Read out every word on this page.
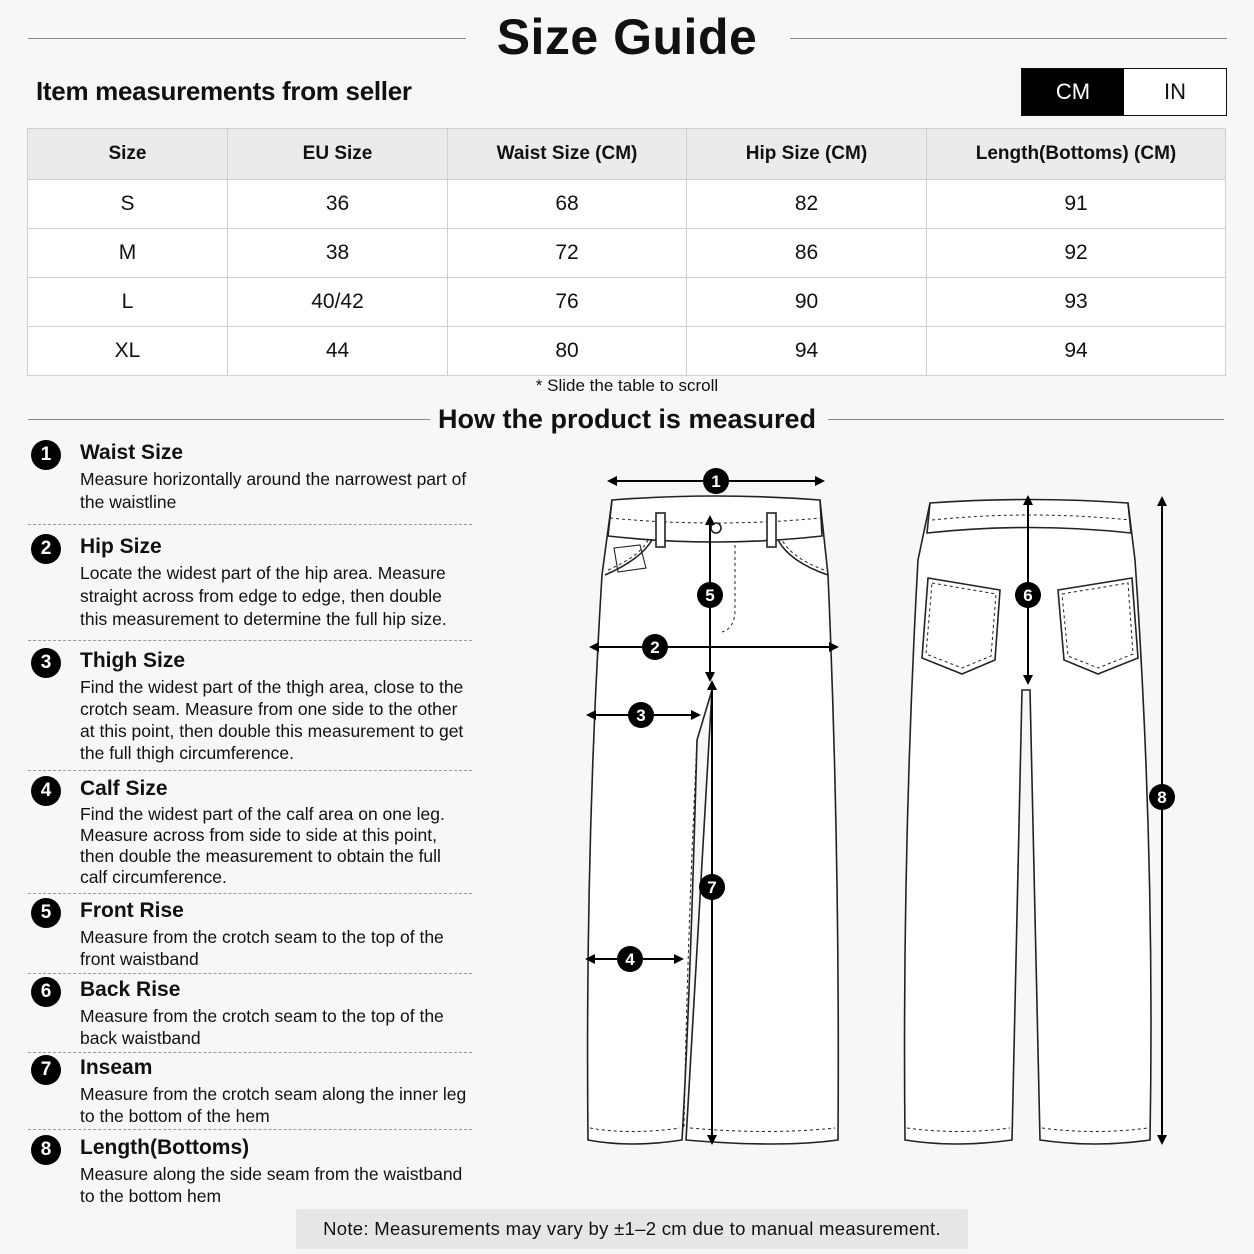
Size Guide
Item measurements from seller	CM	IN
Size	EU Size	Waist Size (CM)	Hip Size (CM)	Length(Bottoms) (CM)
S	36	68	82	91
M	38	72	86	92
L	40/42	76	90	93
XL	44	80	94	94
* Slide the table to scroll
How the product is measured
1	Waist Size
Measure horizontally around the narrowest part of the waistline
2	Hip Size
Locate the widest part of the hip area. Measure straight across from edge to edge, then double this measurement to determine the full hip size.
3	Thigh Size
Find the widest part of the thigh area, close to the crotch seam. Measure from one side to the other at this point, then double this measurement to get the full thigh circumference.
4	Calf Size
Find the widest part of the calf area on one leg. Measure across from side to side at this point, then double the measurement to obtain the full calf circumference.
5	Front Rise
Measure from the crotch seam to the top of the front waistband
6	Back Rise
Measure from the crotch seam to the top of the back waistband
7	Inseam
Measure from the crotch seam along the inner leg to the bottom of the hem
8	Length(Bottoms)
Measure along the side seam from the waistband to the bottom hem
1
2
3
4
5	6
7
8
Note: Measurements may vary by ±1–2 cm due to manual measurement.
